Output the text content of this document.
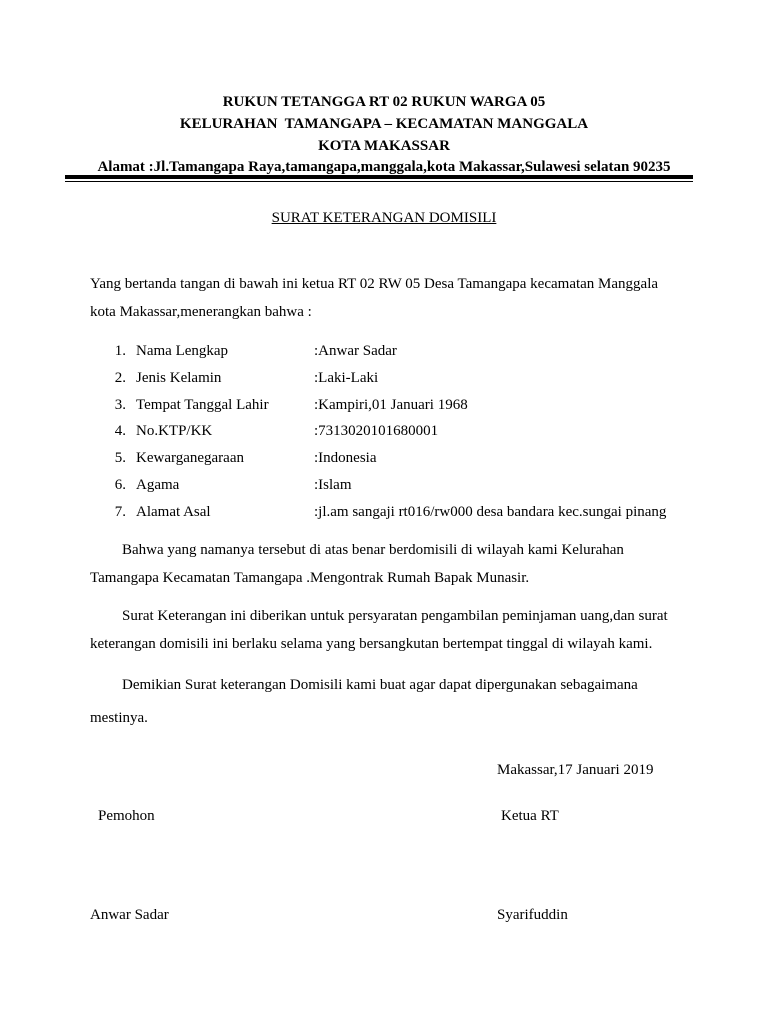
RUKUN TETANGGA RT 02 RUKUN WARGA 05
KELURAHAN  TAMANGAPA – KECAMATAN MANGGALA
KOTA MAKASSAR
Alamat :Jl.Tamangapa Raya,tamangapa,manggala,kota Makassar,Sulawesi selatan 90235
SURAT KETERANGAN DOMISILI
Yang bertanda tangan di bawah ini ketua RT 02 RW 05 Desa Tamangapa kecamatan Manggala
kota Makassar,menerangkan bahwa :
1. Nama Lengkap	:Anwar Sadar
2. Jenis Kelamin	:Laki-Laki
3. Tempat Tanggal Lahir	:Kampiri,01 Januari 1968
4. No.KTP/KK	:7313020101680001
5. Kewarganegaraan	:Indonesia
6. Agama	:Islam
7. Alamat Asal	:jl.am sangaji rt016/rw000 desa bandara kec.sungai pinang
Bahwa yang namanya tersebut di atas benar berdomisili di wilayah kami Kelurahan
Tamangapa Kecamatan Tamangapa .Mengontrak Rumah Bapak Munasir.
Surat Keterangan ini diberikan untuk persyaratan pengambilan peminjaman uang,dan surat
keterangan domisili ini berlaku selama yang bersangkutan bertempat tinggal di wilayah kami.
Demikian Surat keterangan Domisili kami buat agar dapat dipergunakan sebagaimana
mestinya.
Makassar,17 Januari 2019
Pemohon	Ketua RT
Anwar Sadar	Syarifuddin
